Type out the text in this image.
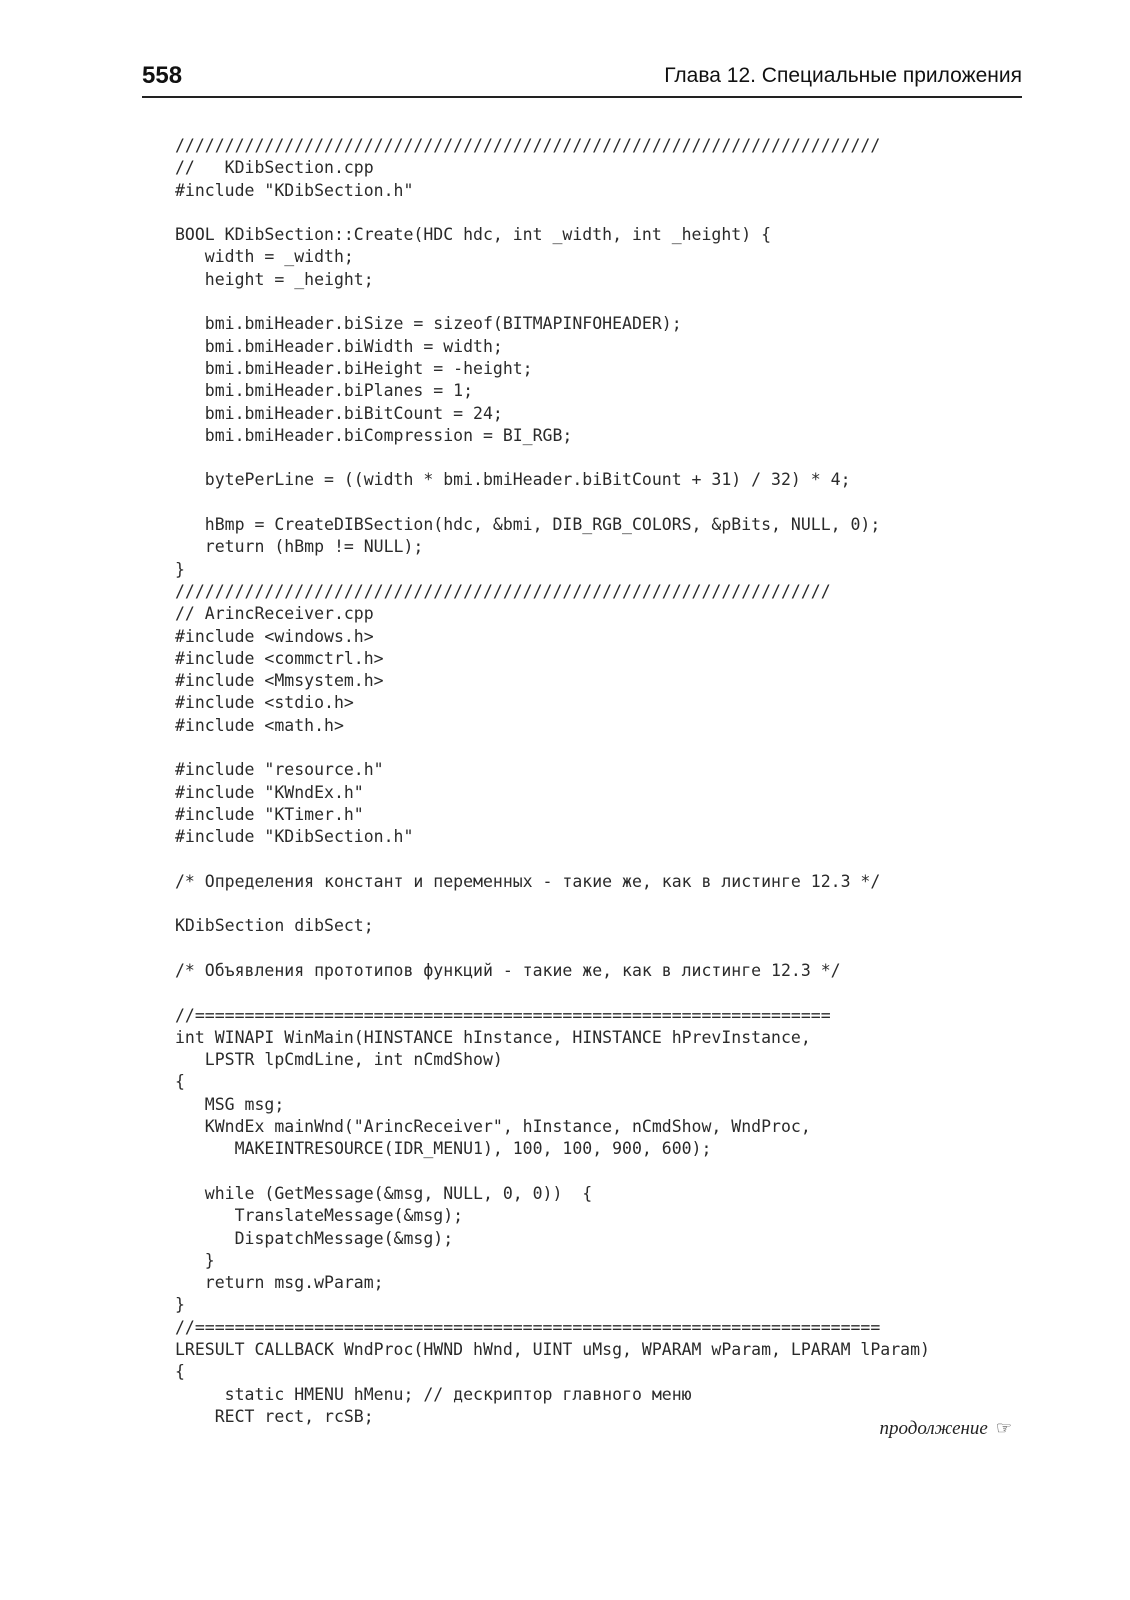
558	Глава 12. Специальные приложения
///////////////////////////////////////////////////////////////////////
//   KDibSection.cpp
#include "KDibSection.h"
BOOL KDibSection::Create(HDC hdc, int _width, int _height) {
width = _width;
height = _height;
bmi.bmiHeader.biSize = sizeof(BITMAPINFOHEADER);
bmi.bmiHeader.biWidth = width;
bmi.bmiHeader.biHeight = -height;
bmi.bmiHeader.biPlanes = 1;
bmi.bmiHeader.biBitCount = 24;
bmi.bmiHeader.biCompression = BI_RGB;
bytePerLine = ((width * bmi.bmiHeader.biBitCount + 31) / 32) * 4;
hBmp = CreateDIBSection(hdc, &bmi, DIB_RGB_COLORS, &pBits, NULL, 0);
return (hBmp != NULL);
}
//////////////////////////////////////////////////////////////////
// ArincReceiver.cpp
#include <windows.h>
#include <commctrl.h>
#include <Mmsystem.h>
#include <stdio.h>
#include <math.h>
#include "resource.h"
#include "KWndEx.h"
#include "KTimer.h"
#include "KDibSection.h"
/* Определения констант и переменных - такие же, как в листинге 12.3 */
KDibSection dibSect;
/* Объявления прототипов функций - такие же, как в листинге 12.3 */
//================================================================
int WINAPI WinMain(HINSTANCE hInstance, HINSTANCE hPrevInstance,
LPSTR lpCmdLine, int nCmdShow)
{
MSG msg;
KWndEx mainWnd("ArincReceiver", hInstance, nCmdShow, WndProc,
MAKEINTRESOURCE(IDR_MENU1), 100, 100, 900, 600);
while (GetMessage(&msg, NULL, 0, 0))  {
TranslateMessage(&msg);
DispatchMessage(&msg);
}
return msg.wParam;
}
//=====================================================================
LRESULT CALLBACK WndProc(HWND hWnd, UINT uMsg, WPARAM wParam, LPARAM lParam)
{
static HMENU hMenu; // дескриптор главного меню
RECT rect, rcSB;
продолжение ☞
